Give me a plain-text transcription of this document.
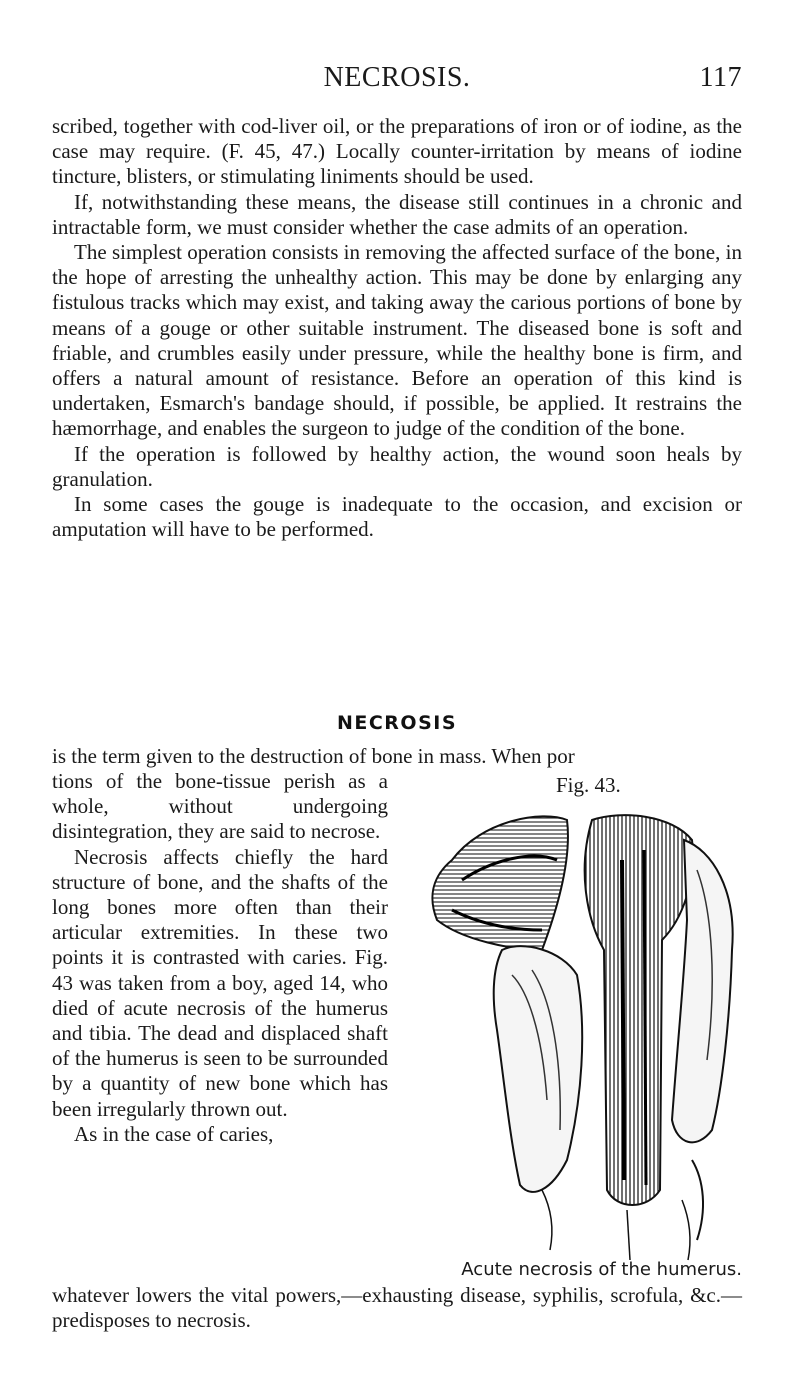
NECROSIS.	117

scribed, together with cod-liver oil, or the preparations of iron or of iodine, as the case may require. (F. 45, 47.) Locally counter-irritation by means of iodine tincture, blisters, or stimulating liniments should be used.

If, notwithstanding these means, the disease still continues in a chronic and intractable form, we must consider whether the case admits of an operation.

The simplest operation consists in removing the affected surface of the bone, in the hope of arresting the unhealthy action. This may be done by enlarging any fistulous tracks which may exist, and taking away the carious portions of bone by means of a gouge or other suitable instrument. The diseased bone is soft and friable, and crumbles easily under pressure, while the healthy bone is firm, and offers a natural amount of resistance. Before an operation of this kind is undertaken, Esmarch's bandage should, if possible, be applied. It restrains the hæmorrhage, and enables the surgeon to judge of the condition of the bone.

If the operation is followed by healthy action, the wound soon heals by granulation.

In some cases the gouge is inadequate to the occasion, and excision or amputation will have to be performed.

NECROSIS

is the term given to the destruction of bone in mass. When por

tions of the bone-tissue perish as a whole, without undergoing disintegration, they are said to necrose.

Necrosis affects chiefly the hard structure of bone, and the shafts of the long bones more often than their articular extremities. In these two points it is contrasted with caries. Fig. 43 was taken from a boy, aged 14, who died of acute necrosis of the humerus and tibia. The dead and displaced shaft of the humerus is seen to be surrounded by a quantity of new bone which has been irregularly thrown out.

As in the case of caries,

Fig. 43.
Acute necrosis of the humerus.

whatever lowers the vital powers,—exhausting disease, syphilis, scrofula, &c.—predisposes to necrosis.
